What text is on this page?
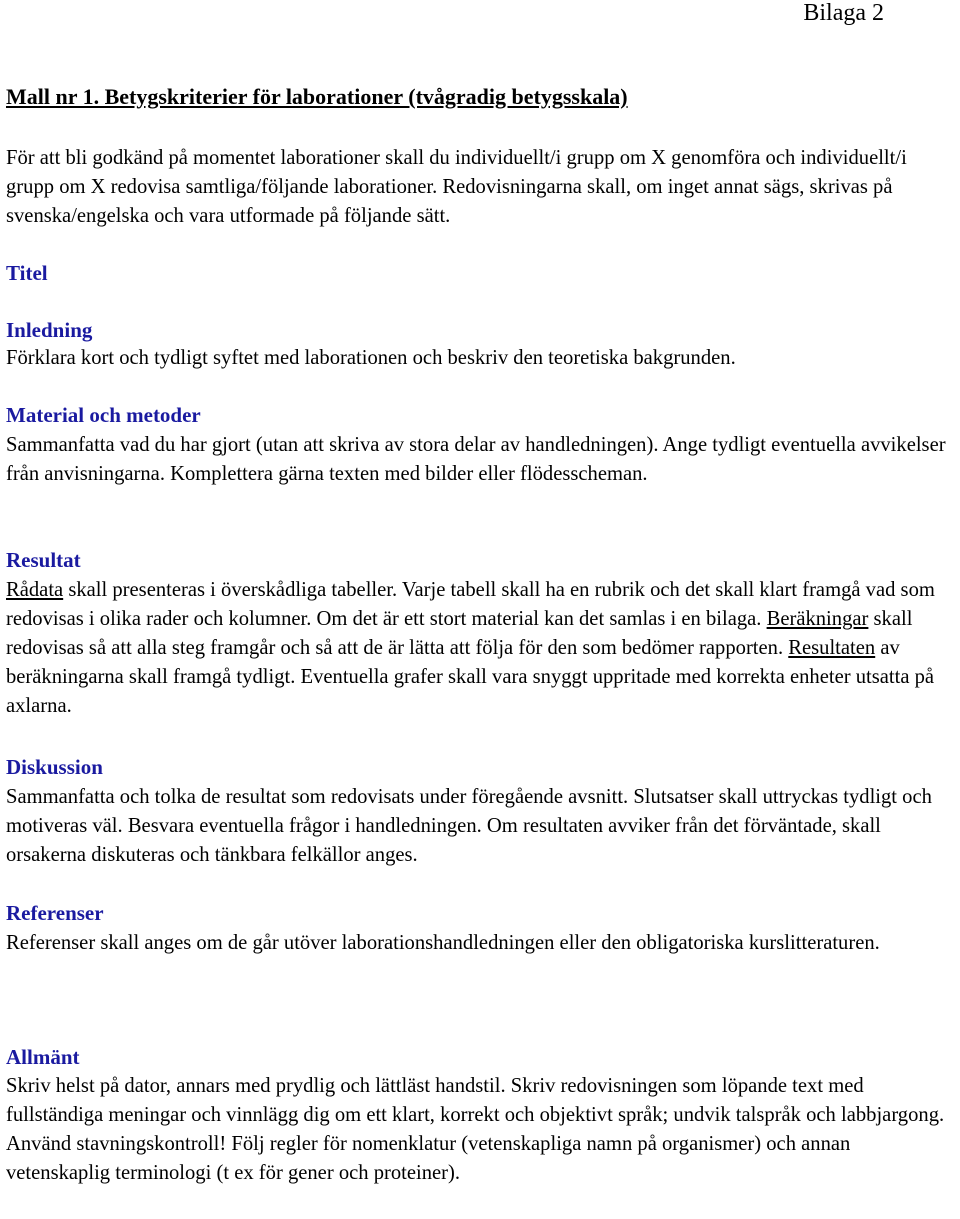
Bilaga 2
Mall nr 1. Betygskriterier för laborationer (tvågradig betygsskala)

För att bli godkänd på momentet laborationer skall du individuellt/i grupp om X genomföra och individuellt/i grupp om X redovisa samtliga/följande laborationer. Redovisningarna skall, om inget annat sägs, skrivas på svenska/engelska och vara utformade på följande sätt.

Titel
Inledning

Förklara kort och tydligt syftet med laborationen och beskriv den teoretiska bakgrunden.

Material och metoder

Sammanfatta vad du har gjort (utan att skriva av stora delar av handledningen). Ange tydligt eventuella avvikelser från anvisningarna. Komplettera gärna texten med bilder eller flödesscheman.

Resultat

Rådata skall presenteras i överskådliga tabeller. Varje tabell skall ha en rubrik och det skall klart framgå vad som redovisas i olika rader och kolumner. Om det är ett stort material kan det samlas i en bilaga. Beräkningar skall redovisas så att alla steg framgår och så att de är lätta att följa för den som bedömer rapporten. Resultaten av beräkningarna skall framgå tydligt. Eventuella grafer skall vara snyggt uppritade med korrekta enheter utsatta på axlarna.

Diskussion

Sammanfatta och tolka de resultat som redovisats under föregående avsnitt. Slutsatser skall uttryckas tydligt och motiveras väl. Besvara eventuella frågor i handledningen. Om resultaten avviker från det förväntade, skall orsakerna diskuteras och tänkbara felkällor anges.

Referenser

Referenser skall anges om de går utöver laborationshandledningen eller den obligatoriska kurslitteraturen.

Allmänt

Skriv helst på dator, annars med prydlig och lättläst handstil. Skriv redovisningen som löpande text med fullständiga meningar och vinnlägg dig om ett klart, korrekt och objektivt språk; undvik talspråk och labbjargong. Använd stavningskontroll! Följ regler för nomenklatur (vetenskapliga namn på organismer) och annan vetenskaplig terminologi (t ex för gener och proteiner).
